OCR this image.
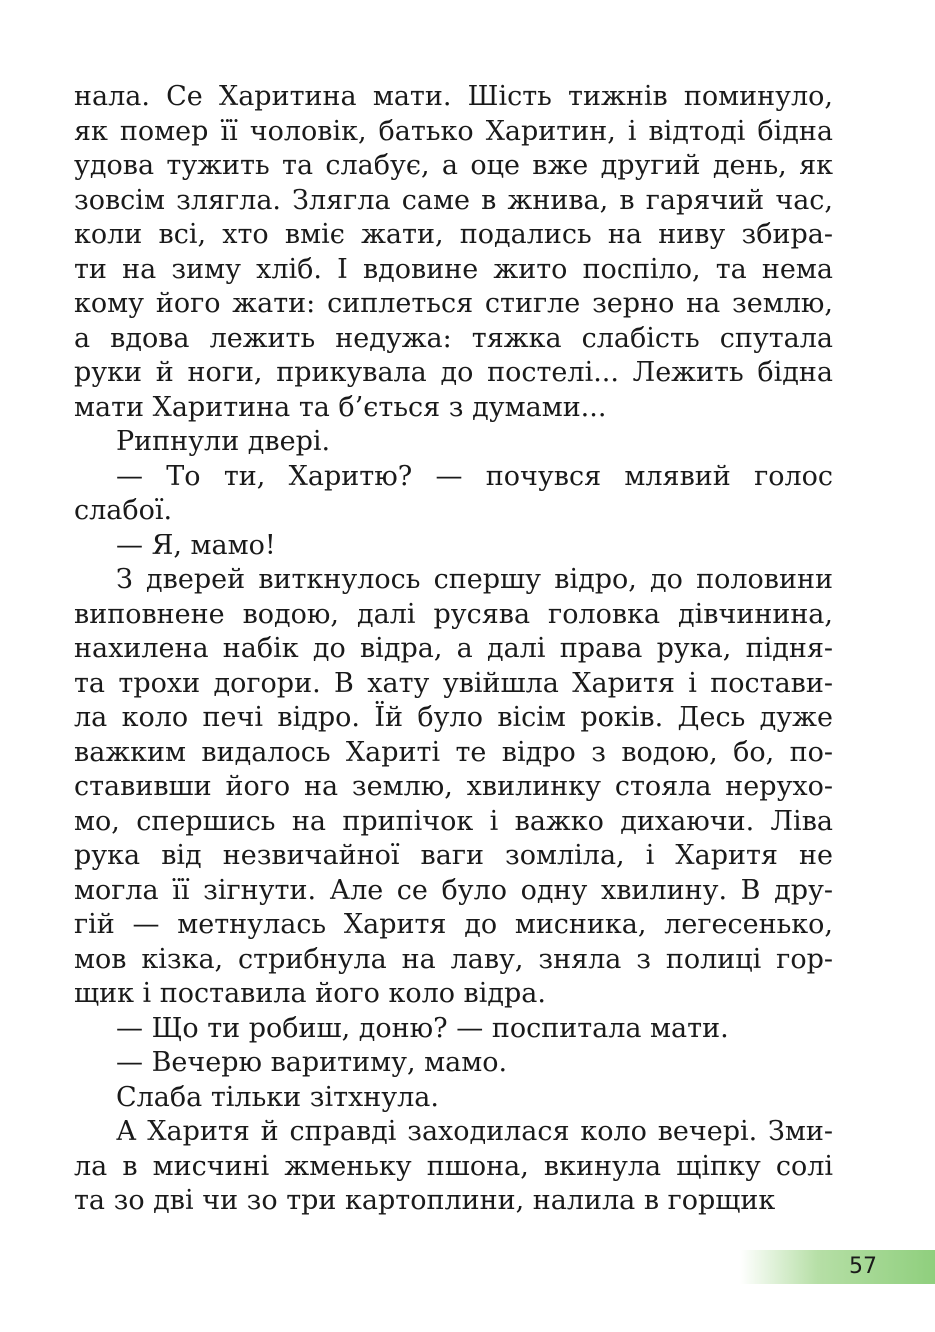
нала. Се Харитина мати. Шість тижнів поминуло,
як помер її чоловік, батько Харитин, і відтоді бідна
удова тужить та слабує, а оце вже другий день, як
зовсім злягла. Злягла саме в жнива, в гарячий час,
коли всі, хто вміє жати, подались на ниву збира-
ти на зиму хліб. І вдовине жито поспіло, та нема
кому його жати: сиплеться стигле зерно на землю,
а вдова лежить недужа: тяжка слабість спутала
руки й ноги, прикувала до постелі... Лежить бідна
мати Харитина та б’ється з думами...
Рипнули двері.
— То ти, Харитю? — почувся млявий голос
слабої.
— Я, мамо!
З дверей виткнулось спершу відро, до половини
виповнене водою, далі русява головка дівчинина,
нахилена набік до відра, а далі права рука, підня-
та трохи догори. В хату увійшла Харитя і постави-
ла коло печі відро. Їй було вісім років. Десь дуже
важким видалось Хариті те відро з водою, бо, по-
ставивши його на землю, хвилинку стояла нерухо-
мо, спершись на припічок і важко дихаючи. Ліва
рука від незвичайної ваги зомліла, і Харитя не
могла її зігнути. Але се було одну хвилину. В дру-
гій — метнулась Харитя до мисника, легесенько,
мов кізка, стрибнула на лаву, зняла з полиці гор-
щик і поставила його коло відра.
— Що ти робиш, доню? — поспитала мати.
— Вечерю варитиму, мамо.
Слаба тільки зітхнула.
А Харитя й справді заходилася коло вечері. Зми-
ла в мисчині жменьку пшона, вкинула щіпку солі
та зо дві чи зо три картоплини, налила в горщик
57
